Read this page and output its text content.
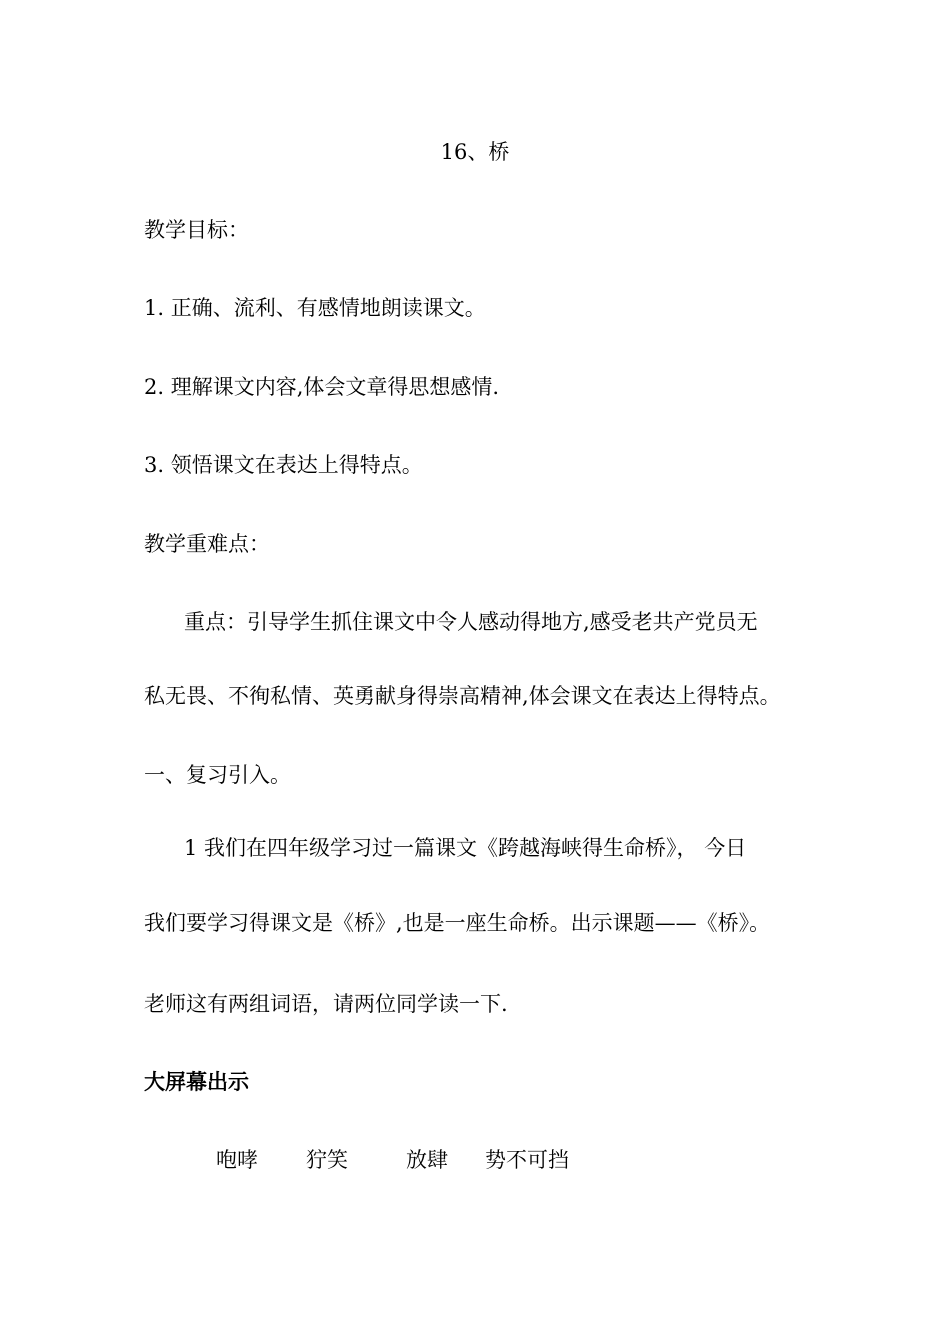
16、桥
教学目标：
1. 正确、流利、有感情地朗读课文。
2. 理解课文内容,体会文章得思想感情.
3. 领悟课文在表达上得特点。
教学重难点：
重点：引导学生抓住课文中令人感动得地方,感受老共产党员无
私无畏、不徇私情、英勇献身得崇高精神,体会课文在表达上得特点。
一、复习引入。
1 我们在四年级学习过一篇课文《跨越海峡得生命桥》， 今日
我们要学习得课文是《桥》,也是一座生命桥。出示课题——《桥》。
老师这有两组词语，请两位同学读一下.
大屏幕出示
咆哮 狞笑	放肆 势不可挡
